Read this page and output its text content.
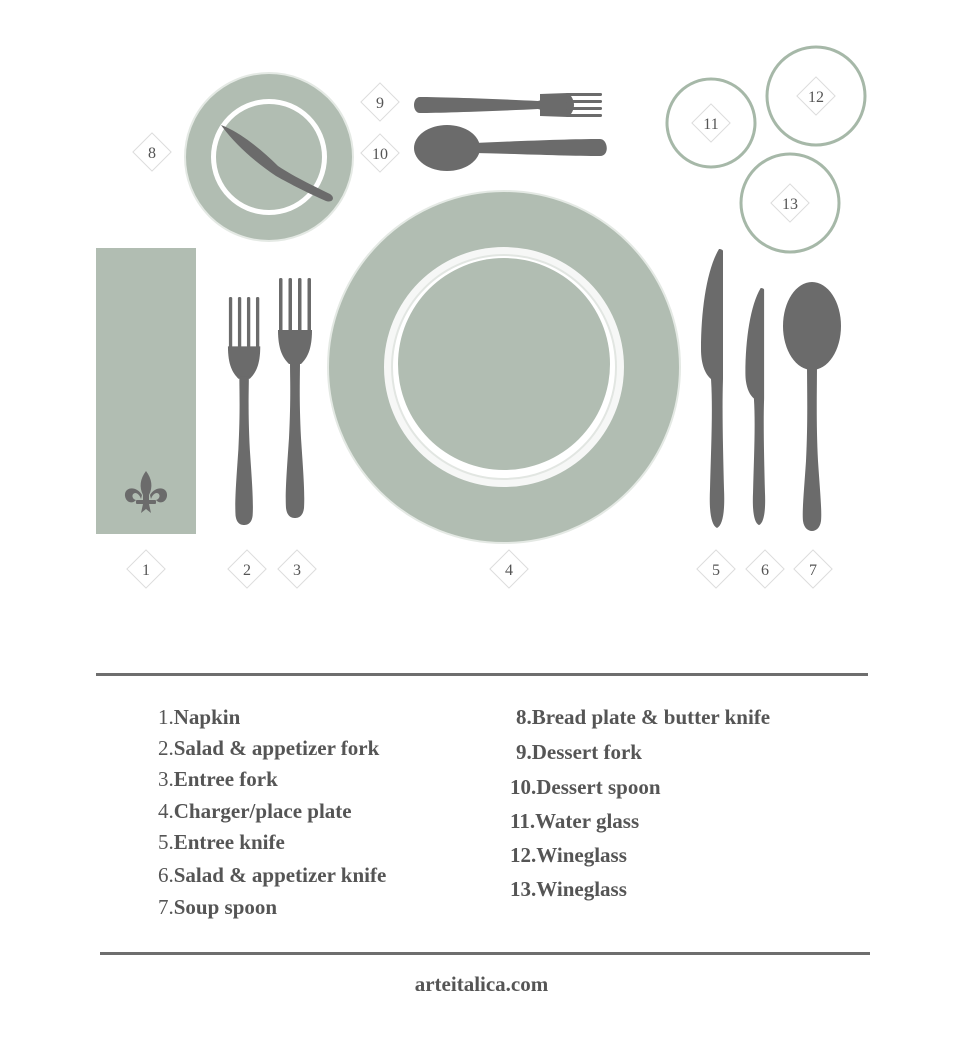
1	2	3	4	5	6	7
8
9
10
11
12
13
1.Napkin
2.Salad & appetizer fork
3.Entree fork
4.Charger/place plate
5.Entree knife
6.Salad & appetizer knife
7.Soup spoon
8.Bread plate & butter knife
9.Dessert fork
10.Dessert spoon
11.Water glass
12.Wineglass
13.Wineglass
arteitalica.com
